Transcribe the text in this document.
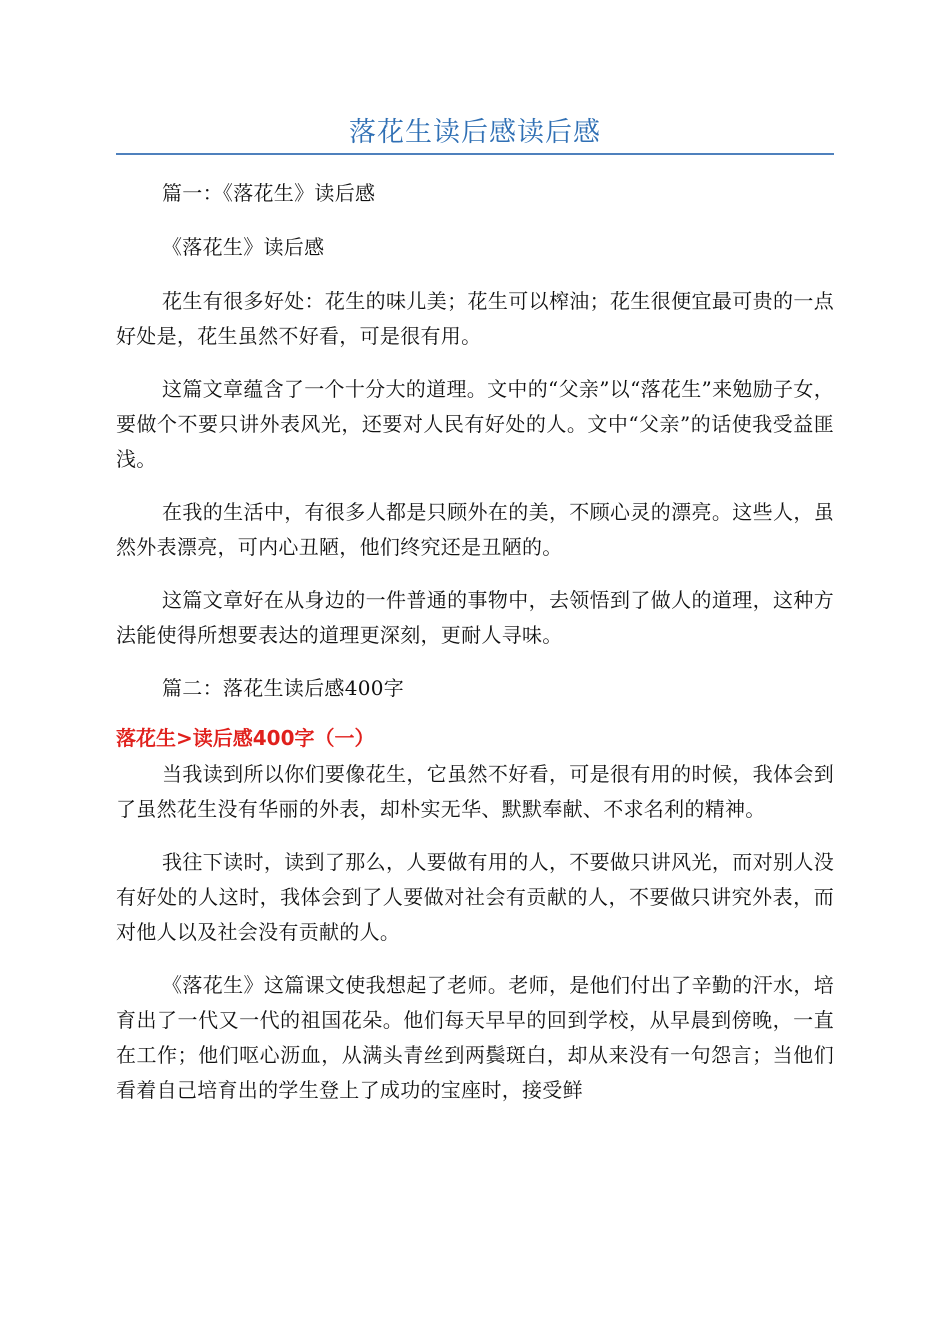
落花生读后感读后感

篇一：《落花生》读后感

《落花生》读后感

花生有很多好处：花生的味儿美；花生可以榨油；花生很便宜最可贵的一点好处是，花生虽然不好看，可是很有用。

这篇文章蕴含了一个十分大的道理。文中的“父亲”以“落花生”来勉励子女，要做个不要只讲外表风光，还要对人民有好处的人。文中“父亲”的话使我受益匪浅。

在我的生活中，有很多人都是只顾外在的美，不顾心灵的漂亮。这些人，虽然外表漂亮，可内心丑陋，他们终究还是丑陋的。

这篇文章好在从身边的一件普通的事物中，去领悟到了做人的道理，这种方法能使得所想要表达的道理更深刻，更耐人寻味。

篇二：落花生读后感400字

落花生>读后感400字（一）

当我读到所以你们要像花生，它虽然不好看，可是很有用的时候，我体会到了虽然花生没有华丽的外表，却朴实无华、默默奉献、不求名利的精神。

我往下读时，读到了那么，人要做有用的人，不要做只讲风光，而对别人没有好处的人这时，我体会到了人要做对社会有贡献的人，不要做只讲究外表，而对他人以及社会没有贡献的人。

《落花生》这篇课文使我想起了老师。老师，是他们付出了辛勤的汗水，培育出了一代又一代的祖国花朵。他们每天早早的回到学校，从早晨到傍晚，一直在工作；他们呕心沥血，从满头青丝到两鬓斑白，却从来没有一句怨言；当他们看着自己培育出的学生登上了成功的宝座时，接受鲜
